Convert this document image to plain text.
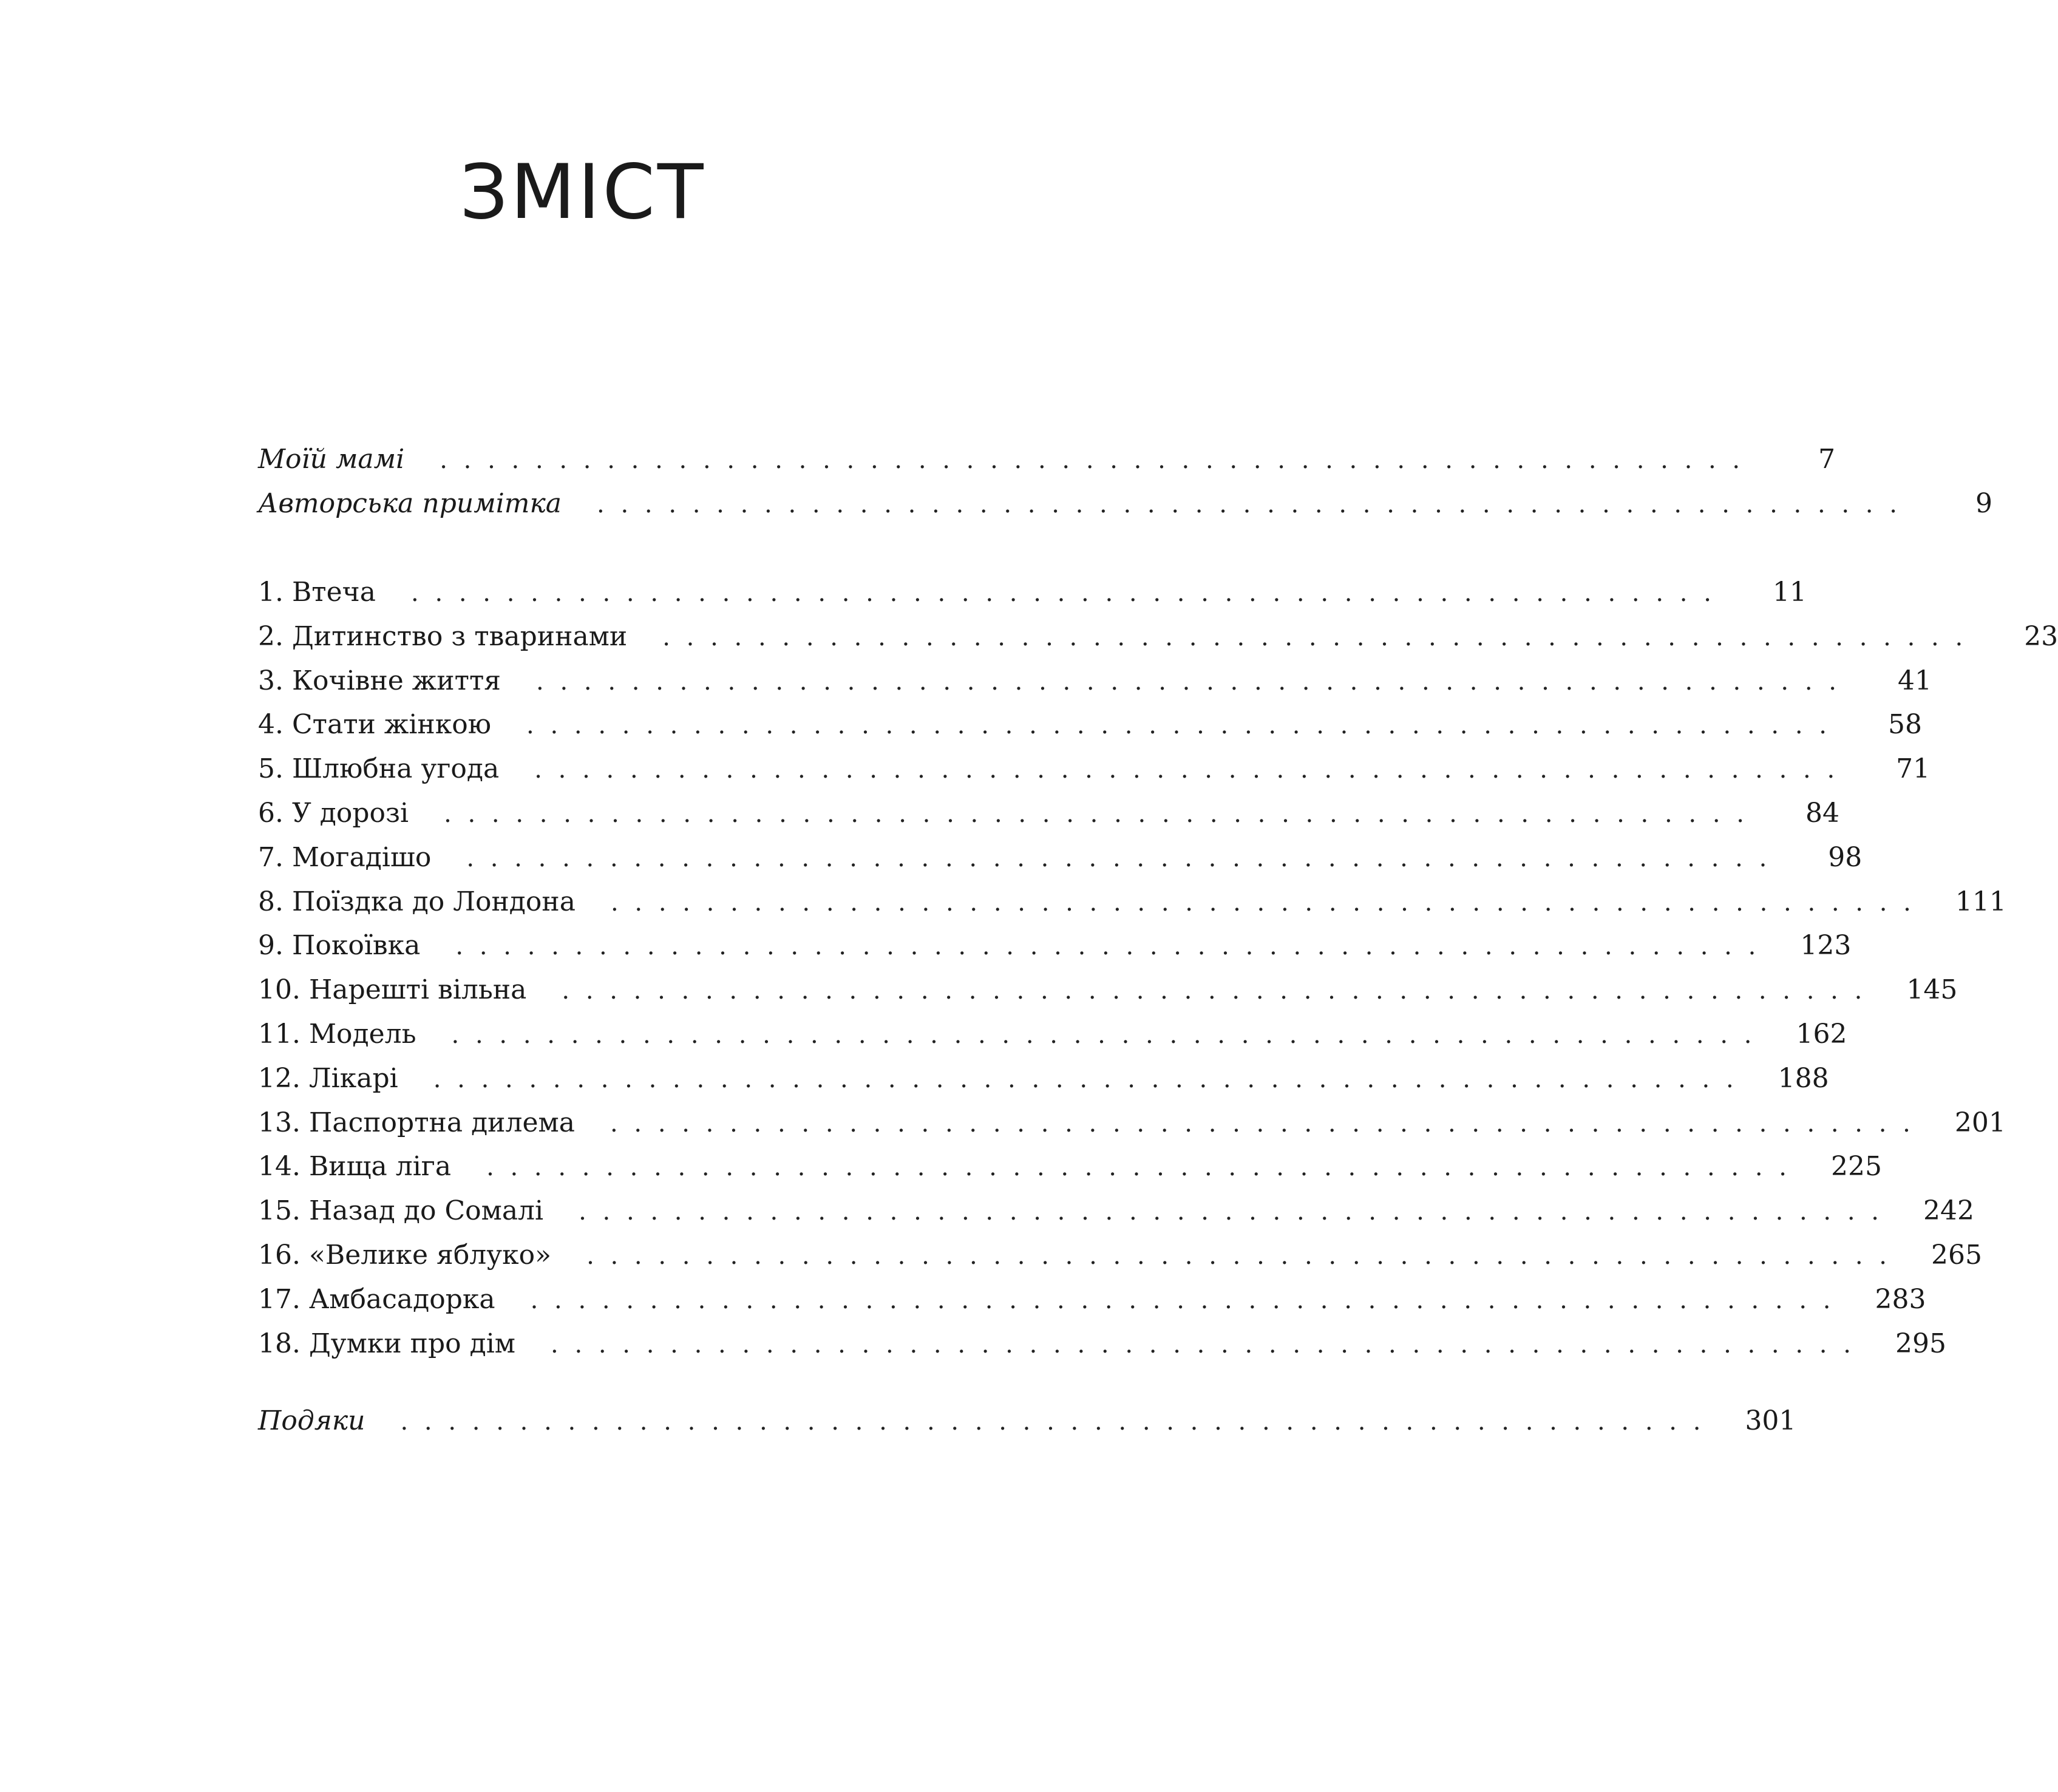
ЗМІСТ
Моїй мамі . . . . . . . . . . . . . . . . . . . . . . . . . . . . . . . . . . . . . . . . . . . . . . . . . . . . . . .	7
Авторська примітка . . . . . . . . . . . . . . . . . . . . . . . . . . . . . . . . . . . . . . . . . . . . . . . . . . . . . . .	9
1. Втеча . . . . . . . . . . . . . . . . . . . . . . . . . . . . . . . . . . . . . . . . . . . . . . . . . . . . . . .	11
2. Дитинство з тваринами . . . . . . . . . . . . . . . . . . . . . . . . . . . . . . . . . . . . . . . . . . . . . . . . . . . . . . .	23
3. Кочівне життя . . . . . . . . . . . . . . . . . . . . . . . . . . . . . . . . . . . . . . . . . . . . . . . . . . . . . . .	41
4. Стати жінкою . . . . . . . . . . . . . . . . . . . . . . . . . . . . . . . . . . . . . . . . . . . . . . . . . . . . . . .	58
5. Шлюбна угода . . . . . . . . . . . . . . . . . . . . . . . . . . . . . . . . . . . . . . . . . . . . . . . . . . . . . . .	71
6. У дорозі . . . . . . . . . . . . . . . . . . . . . . . . . . . . . . . . . . . . . . . . . . . . . . . . . . . . . . .	84
7. Могадішо . . . . . . . . . . . . . . . . . . . . . . . . . . . . . . . . . . . . . . . . . . . . . . . . . . . . . . .	98
8. Поїздка до Лондона . . . . . . . . . . . . . . . . . . . . . . . . . . . . . . . . . . . . . . . . . . . . . . . . . . . . . . . 111
9. Покоївка . . . . . . . . . . . . . . . . . . . . . . . . . . . . . . . . . . . . . . . . . . . . . . . . . . . . . . . 123
10. Нарешті вільна . . . . . . . . . . . . . . . . . . . . . . . . . . . . . . . . . . . . . . . . . . . . . . . . . . . . . . . 145
11. Модель . . . . . . . . . . . . . . . . . . . . . . . . . . . . . . . . . . . . . . . . . . . . . . . . . . . . . . . 162
12. Лікарі . . . . . . . . . . . . . . . . . . . . . . . . . . . . . . . . . . . . . . . . . . . . . . . . . . . . . . . 188
13. Паспортна дилема . . . . . . . . . . . . . . . . . . . . . . . . . . . . . . . . . . . . . . . . . . . . . . . . . . . . . . . 201
14. Вища ліга . . . . . . . . . . . . . . . . . . . . . . . . . . . . . . . . . . . . . . . . . . . . . . . . . . . . . . . 225
15. Назад до Сомалі . . . . . . . . . . . . . . . . . . . . . . . . . . . . . . . . . . . . . . . . . . . . . . . . . . . . . . . 242
16. «Велике яблуко» . . . . . . . . . . . . . . . . . . . . . . . . . . . . . . . . . . . . . . . . . . . . . . . . . . . . . . . 265
17. Амбасадорка . . . . . . . . . . . . . . . . . . . . . . . . . . . . . . . . . . . . . . . . . . . . . . . . . . . . . . . 283
18. Думки про дім . . . . . . . . . . . . . . . . . . . . . . . . . . . . . . . . . . . . . . . . . . . . . . . . . . . . . . . 295
Подяки . . . . . . . . . . . . . . . . . . . . . . . . . . . . . . . . . . . . . . . . . . . . . . . . . . . . . . . 301
